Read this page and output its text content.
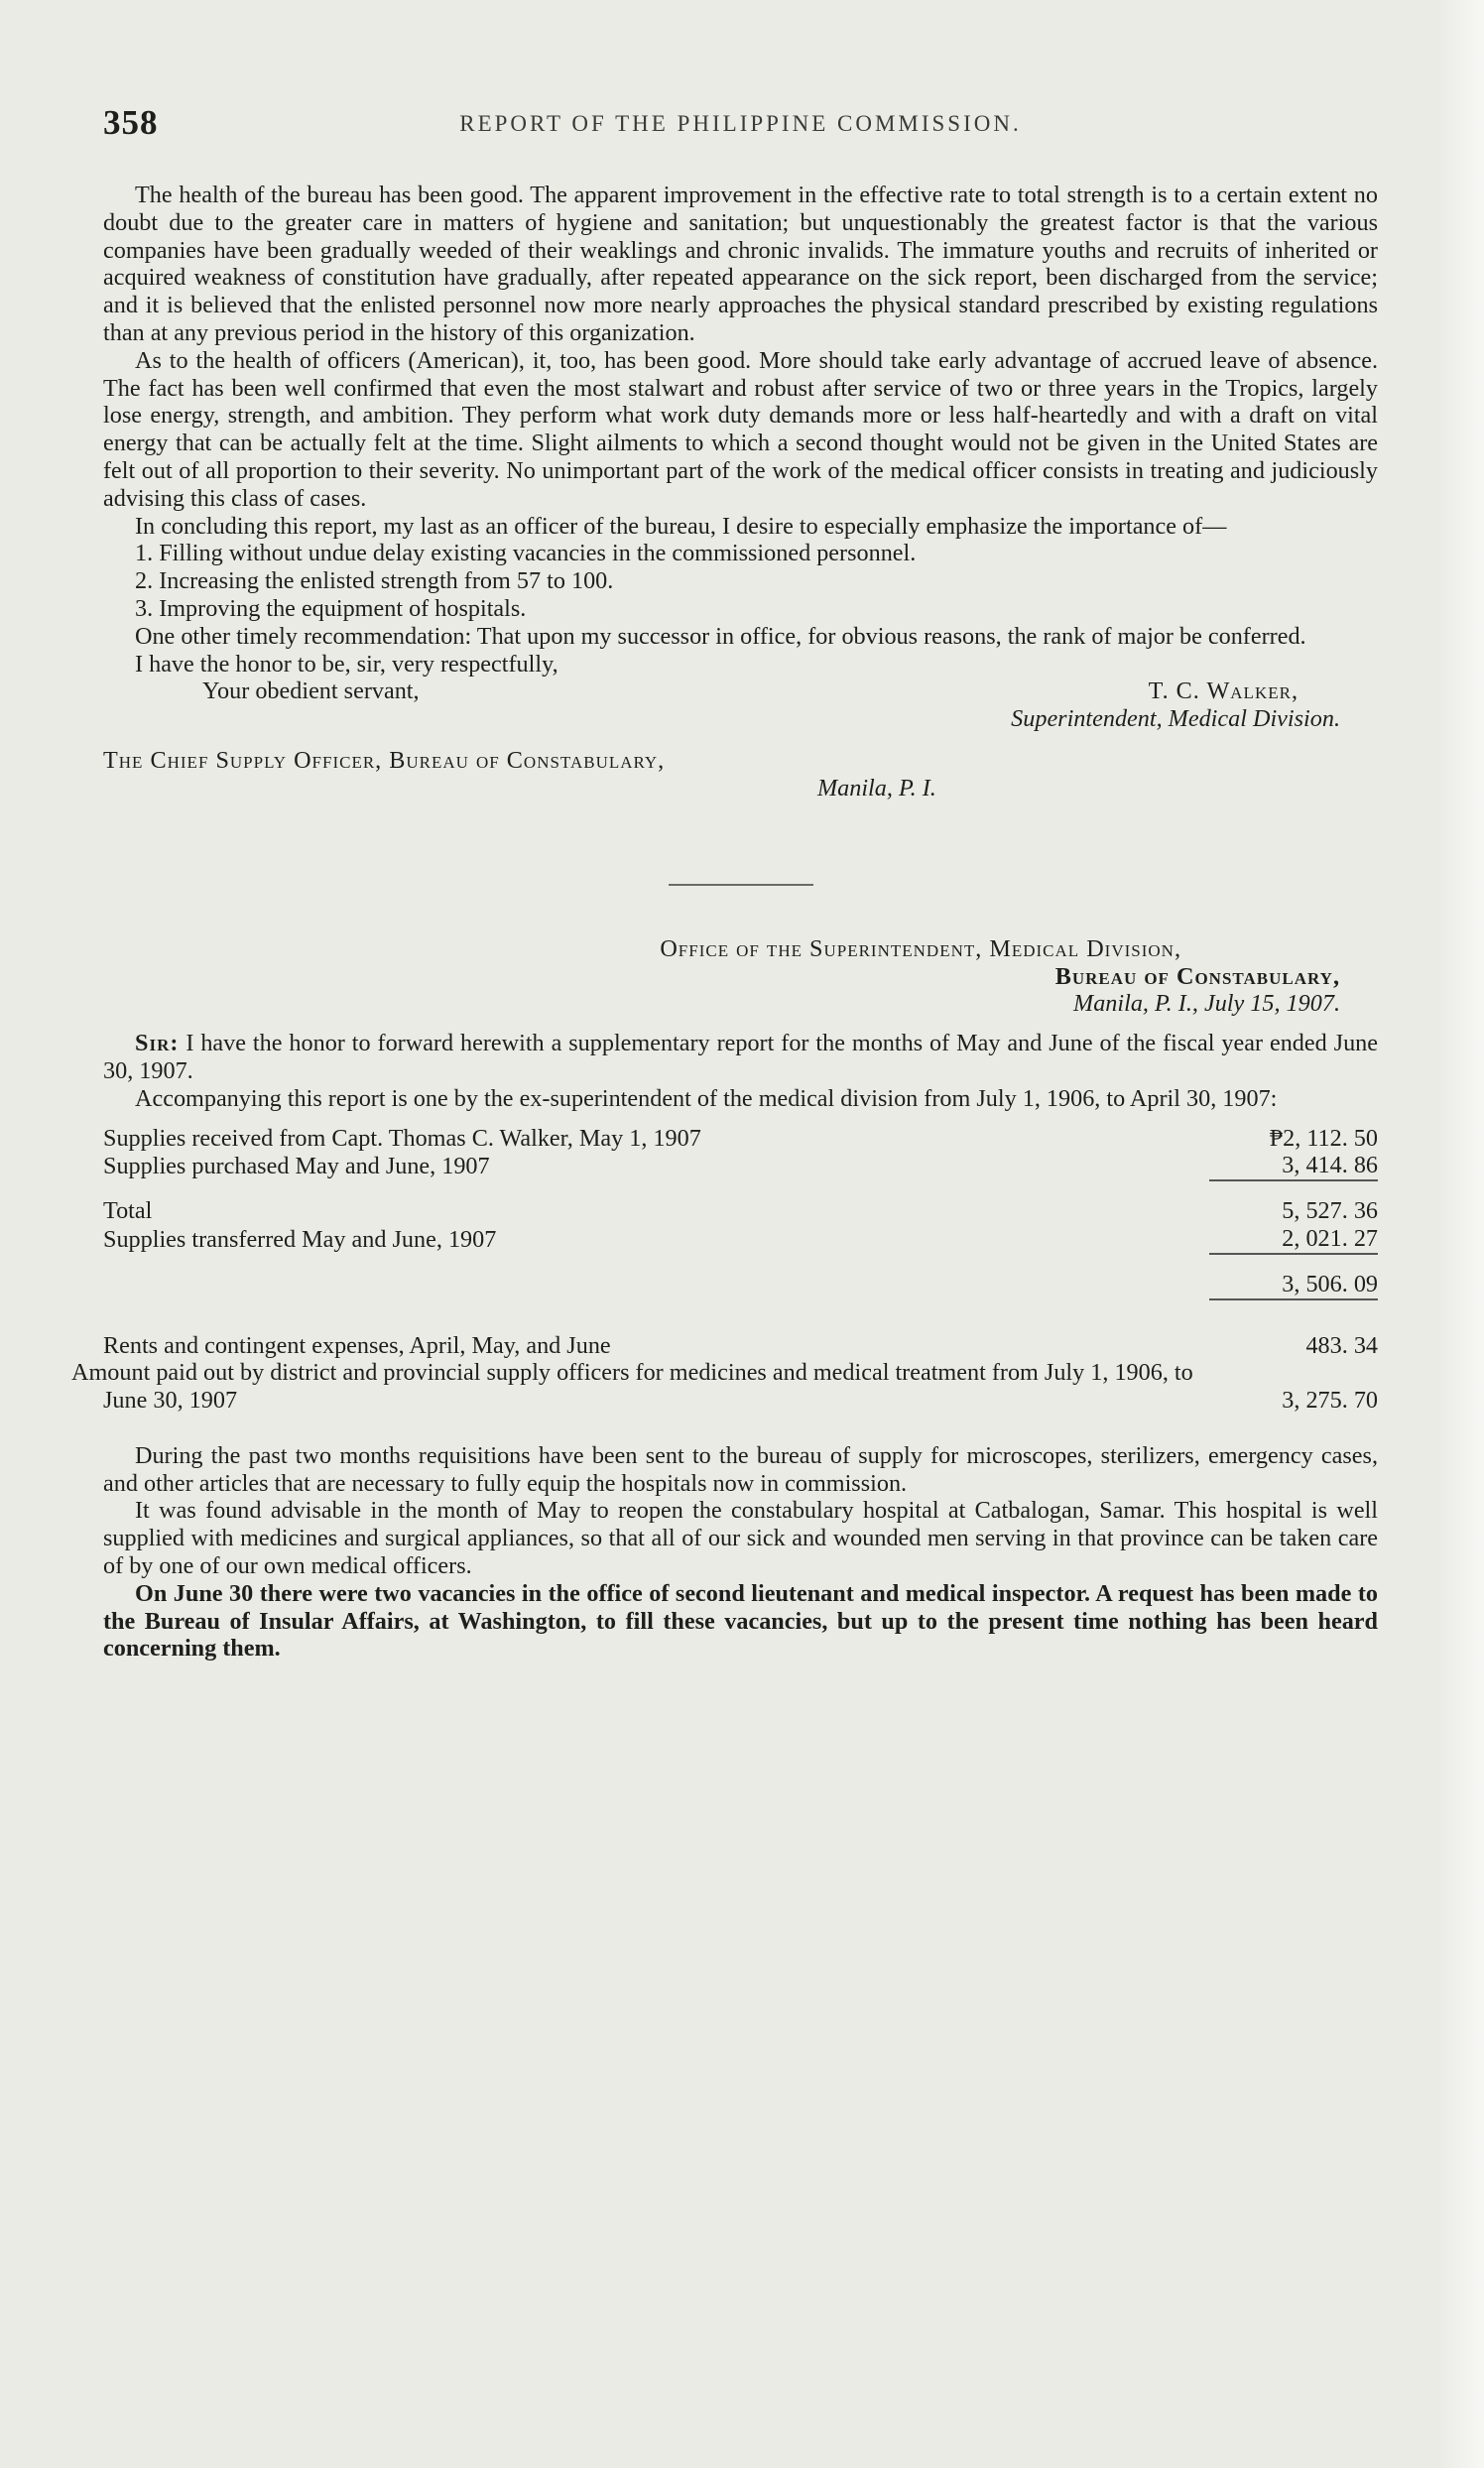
358	REPORT OF THE PHILIPPINE COMMISSION.

The health of the bureau has been good. The apparent improvement in the effective rate to total strength is to a certain extent no doubt due to the greater care in matters of hygiene and sanitation; but unquestionably the greatest factor is that the various companies have been gradually weeded of their weaklings and chronic invalids. The immature youths and recruits of inherited or acquired weakness of constitution have gradually, after repeated appearance on the sick report, been discharged from the service; and it is believed that the enlisted personnel now more nearly approaches the physical standard prescribed by existing regulations than at any previous period in the history of this organization.

As to the health of officers (American), it, too, has been good. More should take early advantage of accrued leave of absence. The fact has been well confirmed that even the most stalwart and robust after service of two or three years in the Tropics, largely lose energy, strength, and ambition. They perform what work duty demands more or less half-heartedly and with a draft on vital energy that can be actually felt at the time. Slight ailments to which a second thought would not be given in the United States are felt out of all proportion to their severity. No unimportant part of the work of the medical officer consists in treating and judiciously advising this class of cases.

In concluding this report, my last as an officer of the bureau, I desire to especially emphasize the importance of—

1. Filling without undue delay existing vacancies in the commissioned personnel.

2. Increasing the enlisted strength from 57 to 100.

3. Improving the equipment of hospitals.

One other timely recommendation: That upon my successor in office, for obvious reasons, the rank of major be conferred.

I have the honor to be, sir, very respectfully,

Your obedient servant,	T. C. Walker,
Superintendent, Medical Division.
The Chief Supply Officer, Bureau of Constabulary,
Manila, P. I.
Office of the Superintendent, Medical Division,
Bureau of Constabulary,
Manila, P. I., July 15, 1907.

Sir: I have the honor to forward herewith a supplementary report for the months of May and June of the fiscal year ended June 30, 1907.

Accompanying this report is one by the ex-superintendent of the medical division from July 1, 1906, to April 30, 1907:

Supplies received from Capt. Thomas C. Walker, May 1, 1907	₱2, 112. 50
Supplies purchased May and June, 1907	3, 414. 86

Total	5, 527. 36
Supplies transferred May and June, 1907	2, 021. 27

	3, 506. 09

Rents and contingent expenses, April, May, and June	483. 34
Amount paid out by district and provincial supply officers for medicines and medical treatment from July 1, 1906, to June 30, 1907	3, 275. 70

During the past two months requisitions have been sent to the bureau of supply for microscopes, sterilizers, emergency cases, and other articles that are necessary to fully equip the hospitals now in commission.

It was found advisable in the month of May to reopen the constabulary hospital at Catbalogan, Samar. This hospital is well supplied with medicines and surgical appliances, so that all of our sick and wounded men serving in that province can be taken care of by one of our own medical officers.

On June 30 there were two vacancies in the office of second lieutenant and medical inspector. A request has been made to the Bureau of Insular Affairs, at Washington, to fill these vacancies, but up to the present time nothing has been heard concerning them.
